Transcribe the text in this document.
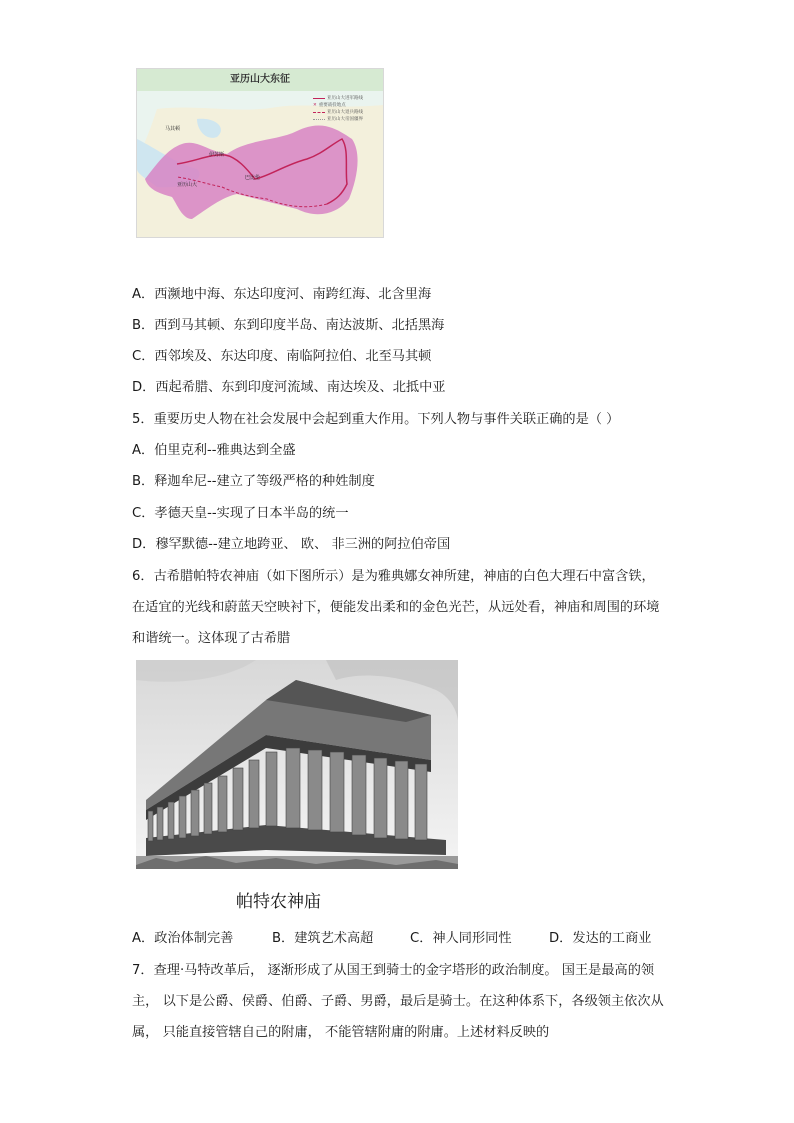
亚历山大东征
亚历山大进军路线
✕ 重要战役地点
亚历山大退兵路线
亚历山大帝国疆界
马其顿
伊苏斯
亚历山大
巴比伦
A．西濒地中海、东达印度河、南跨红海、北含里海
B．西到马其顿、东到印度半岛、南达波斯、北括黑海
C．西邻埃及、东达印度、南临阿拉伯、北至马其顿
D．西起希腊、东到印度河流域、南达埃及、北抵中亚
5．重要历史人物在社会发展中会起到重大作用。下列人物与事件关联正确的是（ ）
A．伯里克利--雅典达到全盛
B．释迦牟尼--建立了等级严格的种姓制度
C．孝德天皇--实现了日本半岛的统一
D．穆罕默德--建立地跨亚、 欧、 非三洲的阿拉伯帝国
6．古希腊帕特农神庙（如下图所示）是为雅典娜女神所建，神庙的白色大理石中富含铁，在适宜的光线和蔚蓝天空映衬下，便能发出柔和的金色光芒，从远处看，神庙和周围的环境和谐统一。这体现了古希腊
帕特农神庙
A．政治体制完善	B．建筑艺术高超	C．神人同形同性	D．发达的工商业
7．查理·马特改革后， 逐渐形成了从国王到骑士的金字塔形的政治制度。 国王是最高的领主， 以下是公爵、侯爵、伯爵、子爵、男爵，最后是骑士。在这种体系下，各级领主依次从属， 只能直接管辖自己的附庸， 不能管辖附庸的附庸。上述材料反映的
